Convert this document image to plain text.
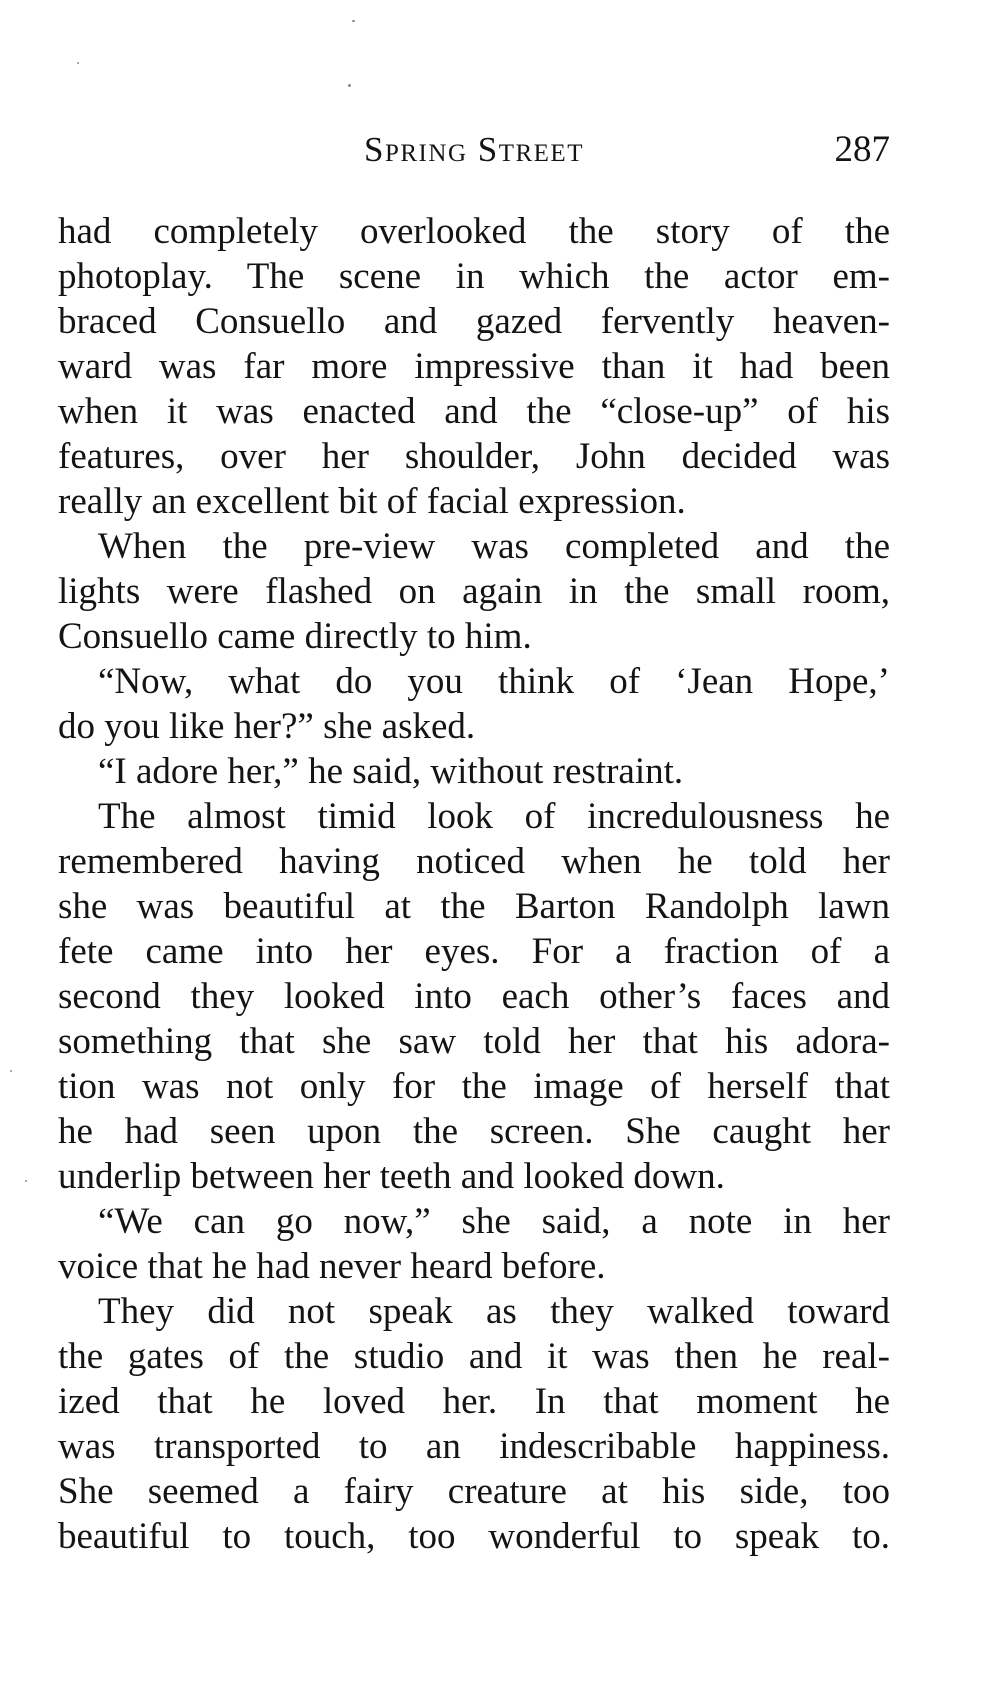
Spring Street	287
had completely overlooked the story of the
photoplay. The scene in which the actor em-
braced Consuello and gazed fervently heaven-
ward was far more impressive than it had been
when it was enacted and the “close-up” of his
features, over her shoulder, John decided was
really an excellent bit of facial expression.
When the pre-view was completed and the
lights were flashed on again in the small room,
Consuello came directly to him.
“Now, what do you think of ‘Jean Hope,’
do you like her?” she asked.
“I adore her,” he said, without restraint.
The almost timid look of incredulousness he
remembered having noticed when he told her
she was beautiful at the Barton Randolph lawn
fete came into her eyes. For a fraction of a
second they looked into each other’s faces and
something that she saw told her that his adora-
tion was not only for the image of herself that
he had seen upon the screen. She caught her
underlip between her teeth and looked down.
“We can go now,” she said, a note in her
voice that he had never heard before.
They did not speak as they walked toward
the gates of the studio and it was then he real-
ized that he loved her. In that moment he
was transported to an indescribable happiness.
She seemed a fairy creature at his side, too
beautiful to touch, too wonderful to speak to.
